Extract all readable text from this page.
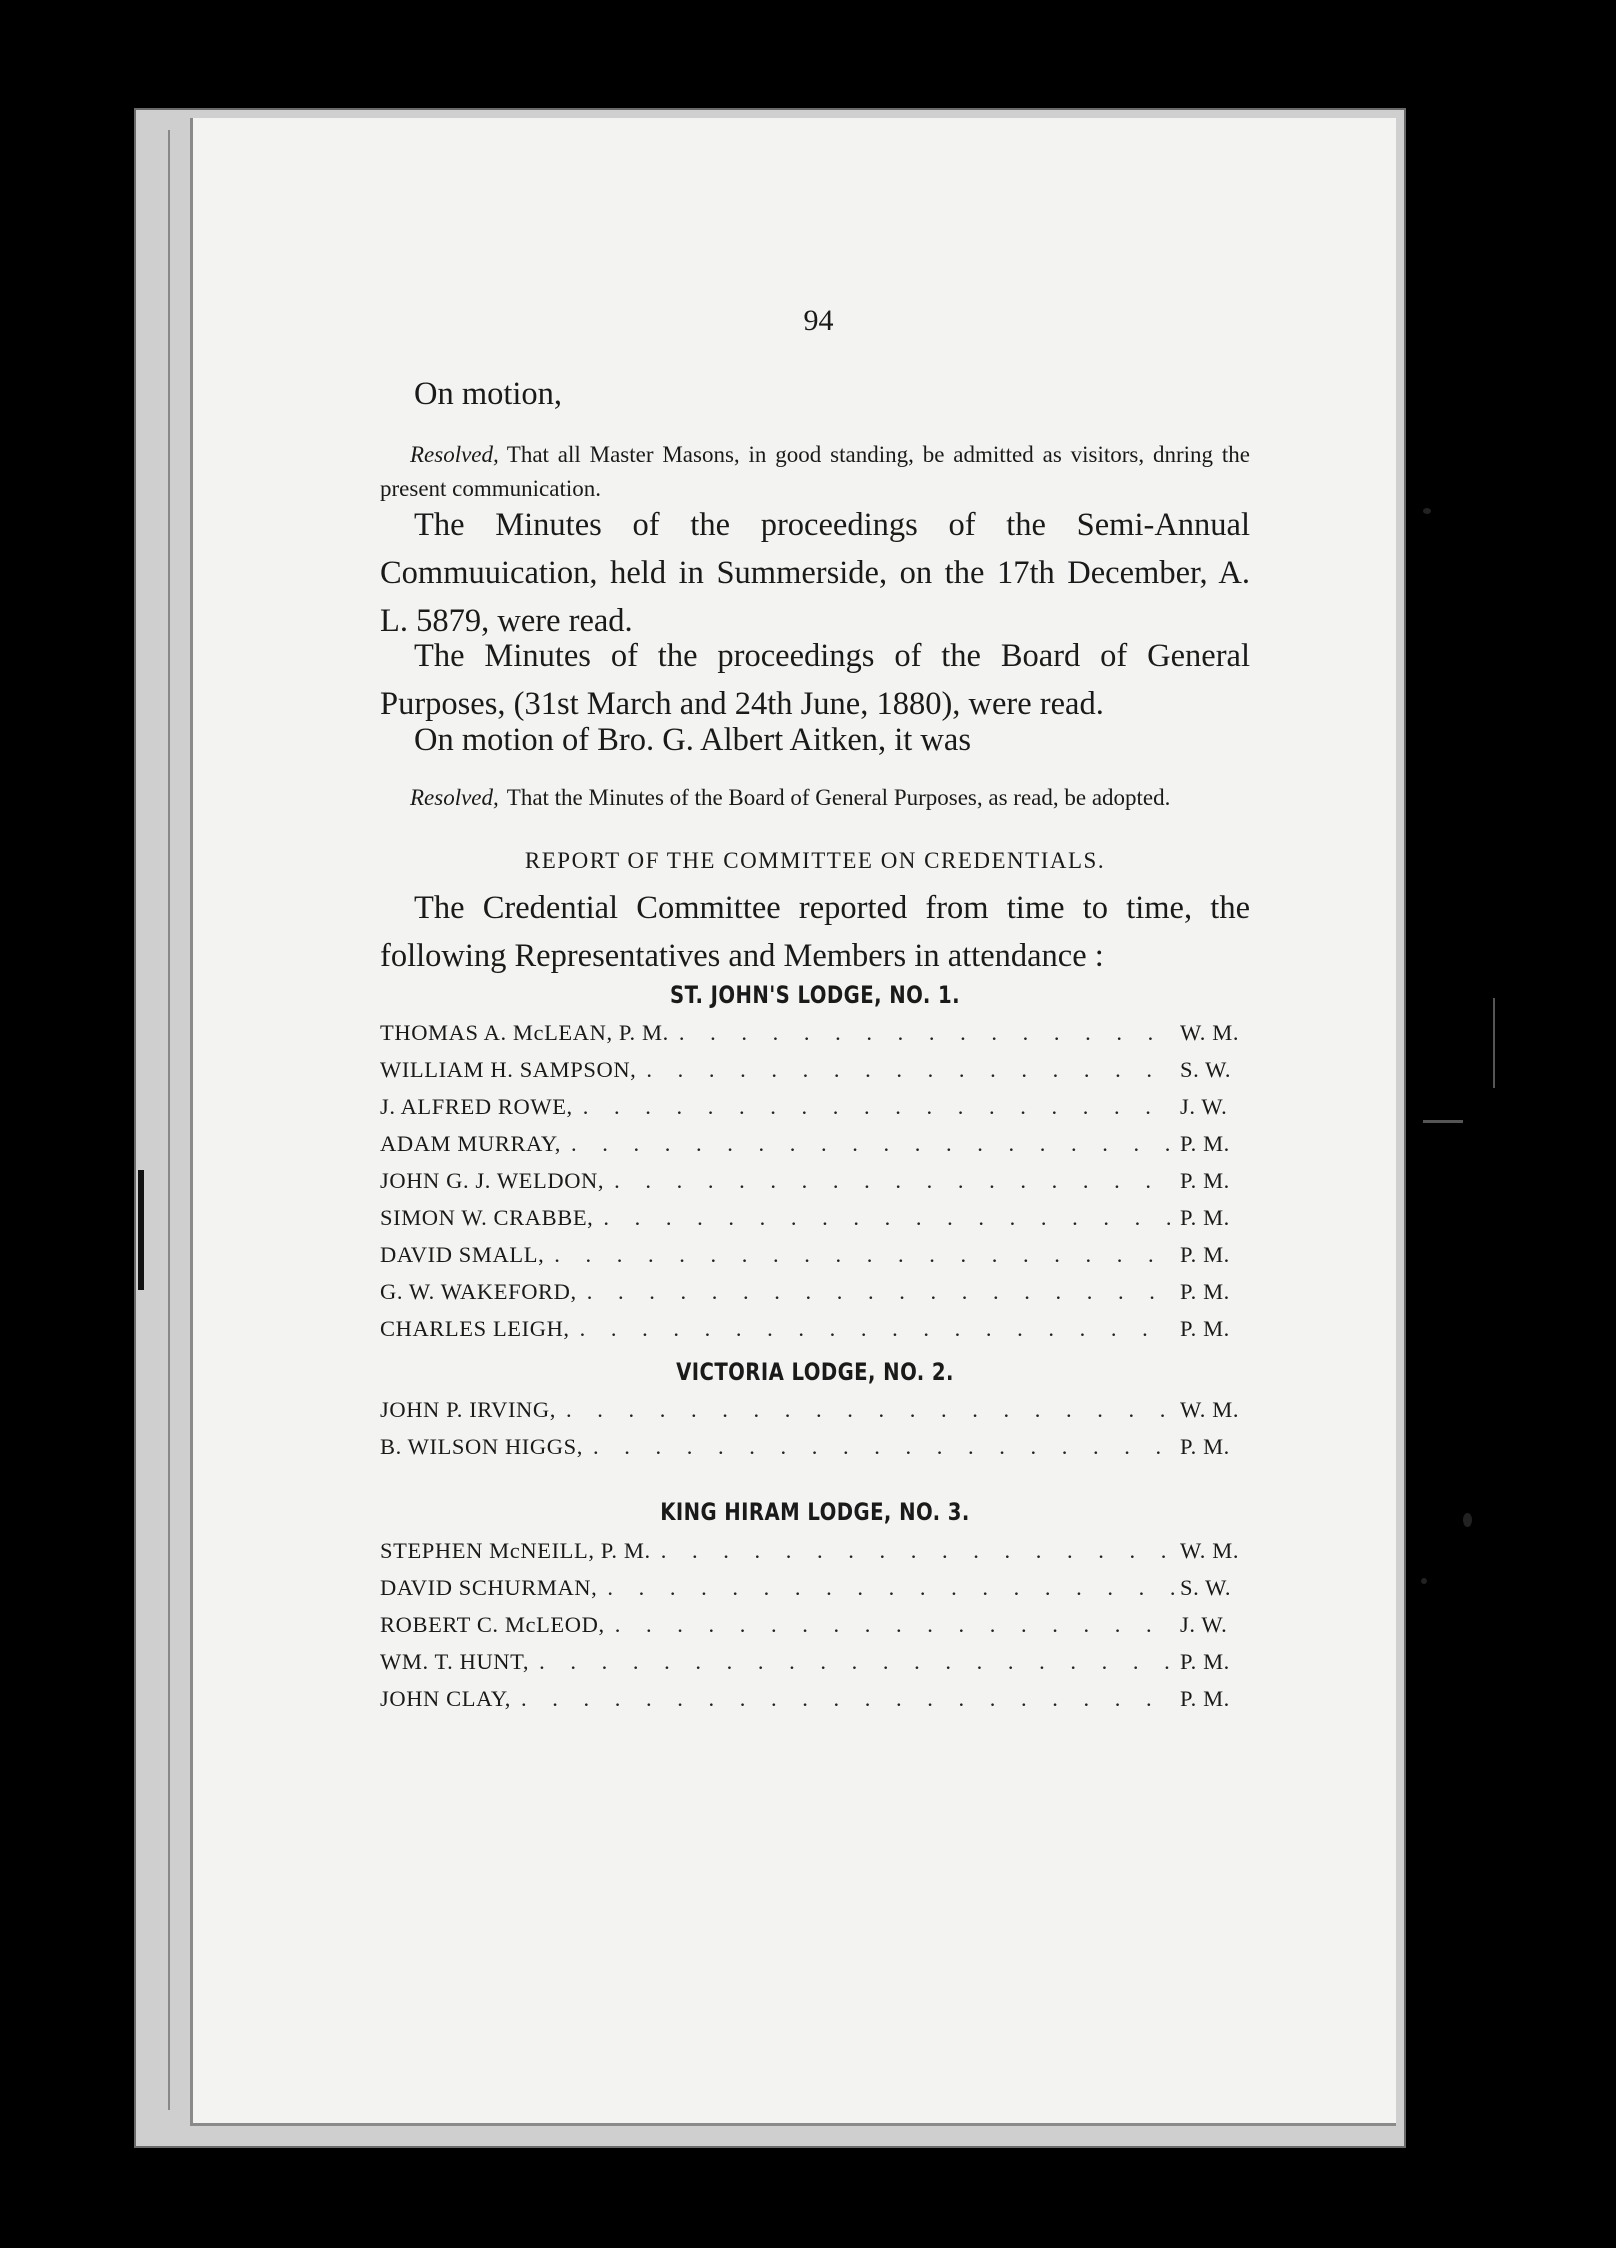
94
On motion,
Resolved, That all Master Masons, in good standing, be admitted as visitors, dnring the present communication.
The Minutes of the proceedings of the Semi-Annual Commuuication, held in Summerside, on the 17th December, A. L. 5879, were read.
The Minutes of the proceedings of the Board of General Purposes, (31st March and 24th June, 1880), were read.
On motion of Bro. G. Albert Aitken, it was
Resolved, That the Minutes of the Board of General Purposes, as read, be adopted.
REPORT OF THE COMMITTEE ON CREDENTIALS.
The Credential Committee reported from time to time, the following Representatives and Members in attendance :
ST. JOHN'S LODGE, NO. 1.
THOMAS A. McLEAN, P. M. . . .	W. M.
WILLIAM H. SAMPSON, . . .	S. W.
J. ALFRED ROWE, . . .	J. W.
ADAM MURRAY, . . .	P. M.
JOHN G. J. WELDON, . . .	P. M.
SIMON W. CRABBE, . . .	P. M.
DAVID SMALL, . . .	P. M.
G. W. WAKEFORD, . . .	P. M.
CHARLES LEIGH, . . .	P. M.
VICTORIA LODGE, NO. 2.
JOHN P. IRVING, . . .	W. M.
B. WILSON HIGGS, . . .	P. M.
KING HIRAM LODGE, NO. 3.
STEPHEN McNEILL, P. M. . . .	W. M.
DAVID SCHURMAN, . . .	S. W.
ROBERT C. McLEOD, . . .	J. W.
WM. T. HUNT, . . .	P. M.
JOHN CLAY, . . .	P. M.
